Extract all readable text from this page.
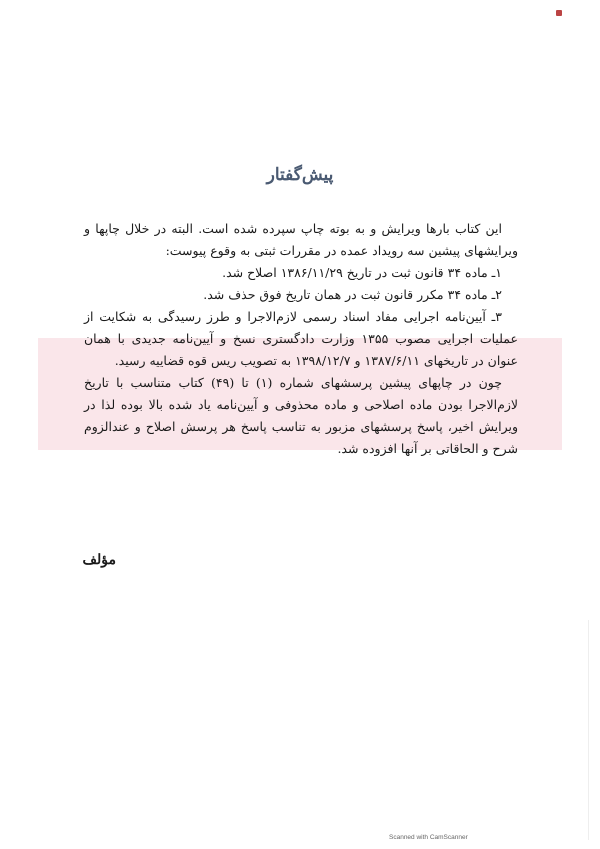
پیش‌گفتار

این کتاب بارها ویرایش و به بوته چاپ سپرده شده است. البته در خلال چاپها و ویرایشهای پیشین سه رویداد عمده در مقررات ثبتی به وقوع پیوست:

۱ـ ماده ۳۴ قانون ثبت در تاریخ ۱۳۸۶/۱۱/۲۹ اصلاح شد.

۲ـ ماده ۳۴ مکرر قانون ثبت در همان تاریخ فوق حذف شد.

۳ـ آیین‌نامه اجرایی مفاد اسناد رسمی لازم‌الاجرا و طرز رسیدگی به شکایت از عملیات اجرایی مصوب ۱۳۵۵ وزارت دادگستری نسخ و آیین‌نامه جدیدی با همان عنوان در تاریخهای ۱۳۸۷/۶/۱۱ و ۱۳۹۸/۱۲/۷ به تصویب ریس قوه قضاییه رسید.

چون در چاپهای پیشین پرسشهای شماره (۱) تا (۴۹) کتاب متناسب با تاریخ لازم‌الاجرا بودن ماده اصلاحی و ماده محذوفی و آیین‌نامه یاد شده بالا بوده لذا در ویرایش اخیر، پاسخ پرسشهای مزبور به تناسب پاسخ هر پرسش اصلاح و عندالزوم شرح و الحاقاتی بر آنها افزوده شد.

مؤلف
Scanned with CamScanner
